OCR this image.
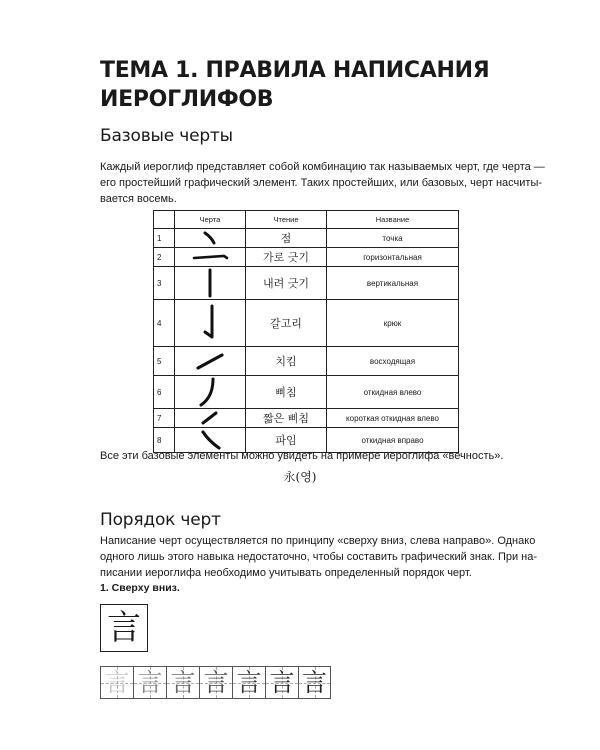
ТЕМА 1. ПРАВИЛА НАПИСАНИЯ
ИЕРОГЛИФОВ
Базовые черты
Каждый иероглиф представляет собой комбинацию так называемых черт, где черта —
его простейший графический элемент. Таких простейших, или базовых, черт насчиты-
вается восемь.
	Черта	Чтение	Название
1		점	точка
2		가로 긋기	горизонтальная
3		내려 긋기	вертикальная
4		갈고리	крюк
5		치킴	восходящая
6		삐침	откидная влево
7		짧은 삐침	короткая откидная влево
8		파임	откидная вправо
Все эти базовые элементы можно увидеть на примере иероглифа «вечность».
永(영)
Порядок черт
Написание черт осуществляется по принципу «сверху вниз, слева направо». Однако
одного лишь этого навыка недостаточно, чтобы составить графический знак. При на-
писании иероглифа необходимо учитывать определенный порядок черт.
1. Сверху вниз.
言
言 言 言 言 言 言 言
